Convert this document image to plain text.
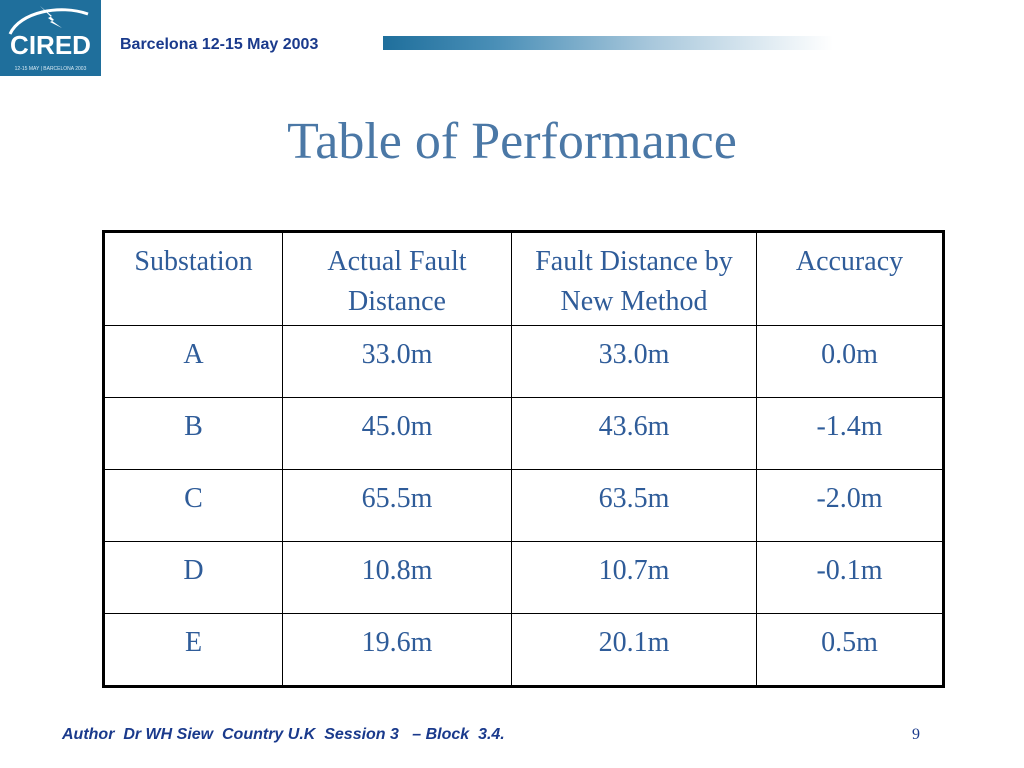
CIRED
12-15 MAY | BARCELONA 2003
Barcelona 12-15 May 2003
Table of Performance
Substation	Actual Fault Distance	Fault Distance by New Method	Accuracy
A	33.0m	33.0m	0.0m
B	45.0m	43.6m	-1.4m
C	65.5m	63.5m	-2.0m
D	10.8m	10.7m	-0.1m
E	19.6m	20.1m	0.5m
Author  Dr WH Siew  Country U.K  Session 3   – Block  3.4.	9
